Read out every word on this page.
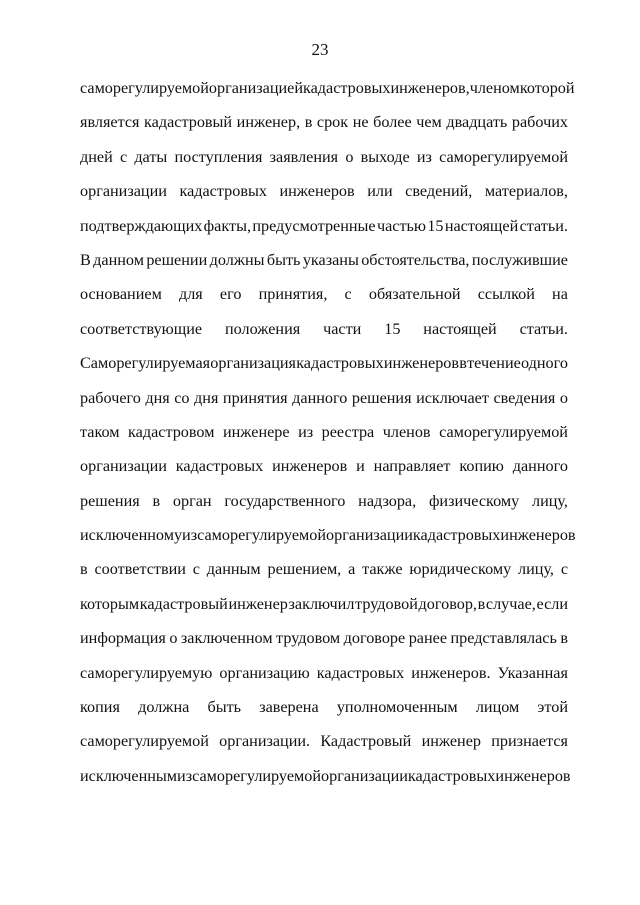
23
саморегулируемой организацией кадастровых инженеров, членом которой
является кадастровый инженер, в срок не более чем двадцать рабочих
дней с даты поступления заявления о выходе из саморегулируемой
организации кадастровых инженеров или сведений, материалов,
подтверждающих факты, предусмотренные частью 15 настоящей статьи.
В данном решении должны быть указаны обстоятельства, послужившие
основанием для его принятия, с обязательной ссылкой на
соответствующие положения части 15 настоящей статьи.
Саморегулируемая организация кадастровых инженеров в течение одного
рабочего дня со дня принятия данного решения исключает сведения о
таком кадастровом инженере из реестра членов саморегулируемой
организации кадастровых инженеров и направляет копию данного
решения в орган государственного надзора, физическому лицу,
исключенному из саморегулируемой организации кадастровых инженеров
в соответствии с данным решением, а также юридическому лицу, с
которым кадастровый инженер заключил трудовой договор, в случае, если
информация о заключенном трудовом договоре ранее представлялась в
саморегулируемую организацию кадастровых инженеров. Указанная
копия должна быть заверена уполномоченным лицом этой
саморегулируемой организации. Кадастровый инженер признается
исключенным из саморегулируемой организации кадастровых инженеров
